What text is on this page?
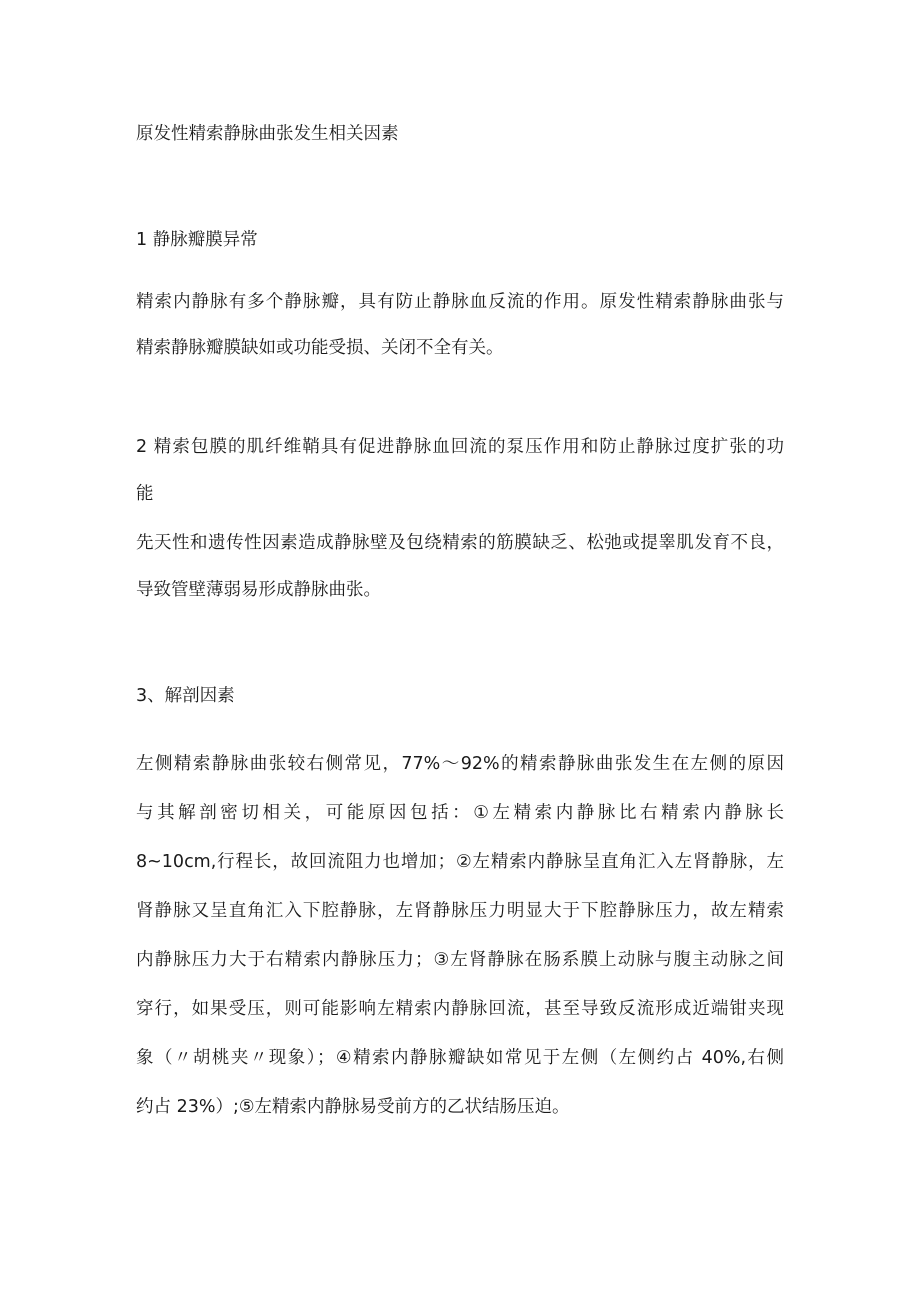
原发性精索静脉曲张发生相关因素
1 静脉瓣膜异常
精索内静脉有多个静脉瓣，具有防止静脉血反流的作用。原发性精索静脉曲张与
精索静脉瓣膜缺如或功能受损、关闭不全有关。
2 精索包膜的肌纤维鞘具有促进静脉血回流的泵压作用和防止静脉过度扩张的功
能
先天性和遗传性因素造成静脉壁及包绕精索的筋膜缺乏、松弛或提睾肌发育不良，
导致管壁薄弱易形成静脉曲张。
3、解剖因素
左侧精索静脉曲张较右侧常见，77%～92%的精索静脉曲张发生在左侧的原因
与其解剖密切相关，可能原因包括：①左精索内静脉比右精索内静脉长
8~10cm,行程长，故回流阻力也增加；②左精索内静脉呈直角汇入左肾静脉，左
肾静脉又呈直角汇入下腔静脉，左肾静脉压力明显大于下腔静脉压力，故左精索
内静脉压力大于右精索内静脉压力；③左肾静脉在肠系膜上动脉与腹主动脉之间
穿行，如果受压，则可能影响左精索内静脉回流，甚至导致反流形成近端钳夹现
象（〃胡桃夹〃现象）；④精索内静脉瓣缺如常见于左侧（左侧约占 40%,右侧
约占 23%）;⑤左精索内静脉易受前方的乙状结肠压迫。
